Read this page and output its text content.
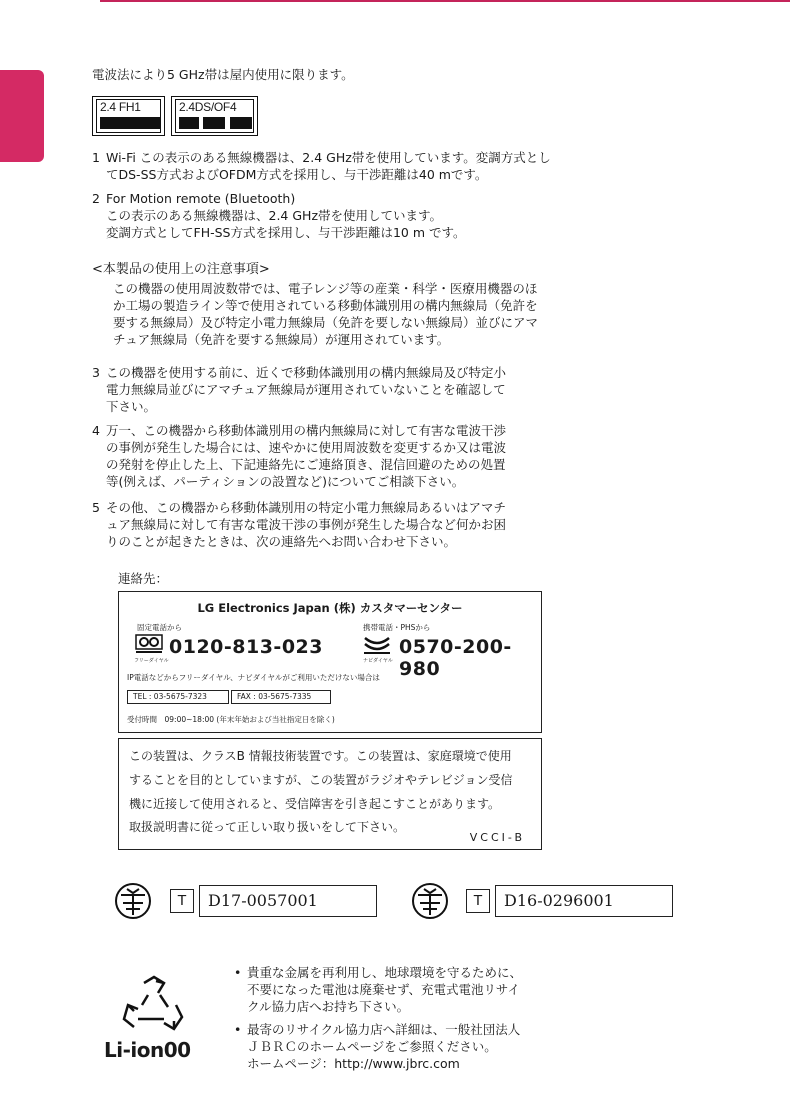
電波法により5 GHz帯は屋内使用に限ります。
2.4 FH1	2.4DS/OF4
1 Wi-Fi この表示のある無線機器は、2.4 GHz帯を使用しています。変調方式とし
てDS-SS方式およびOFDM方式を採用し、与干渉距離は40 mです。
2 For Motion remote (Bluetooth)
この表示のある無線機器は、2.4 GHz帯を使用しています。
変調方式としてFH-SS方式を採用し、与干渉距離は10 m です。
<本製品の使用上の注意事項>
この機器の使用周波数帯では、電子レンジ等の産業・科学・医療用機器のほ
か工場の製造ライン等で使用されている移動体識別用の構内無線局（免許を
要する無線局）及び特定小電力無線局（免許を要しない無線局）並びにアマ
チュア無線局（免許を要する無線局）が運用されています。
3 この機器を使用する前に、近くで移動体識別用の構内無線局及び特定小
電力無線局並びにアマチュア無線局が運用されていないことを確認して
下さい。
4 万一、この機器から移動体識別用の構内無線局に対して有害な電波干渉
の事例が発生した場合には、速やかに使用周波数を変更するか又は電波
の発射を停止した上、下記連絡先にご連絡頂き、混信回避のための処置
等(例えば、パーティションの設置など)についてご相談下さい。
5 その他、この機器から移動体識別用の特定小電力無線局あるいはアマチ
ュア無線局に対して有害な電波干渉の事例が発生した場合など何かお困
りのことが起きたときは、次の連絡先へお問い合わせ下さい。
連絡先：
LG Electronics Japan (株) カスタマーセンター
固定電話から	携帯電話・PHSから
フリーダイヤル
0120-813-023
ナビダイヤル
0570-200-980
IP電話などからフリーダイヤル、ナビダイヤルがご利用いただけない場合は
TEL : 03-5675-7323	FAX : 03-5675-7335
受付時間　09:00~18:00 (年末年始および当社指定日を除く)
この装置は、クラスB 情報技術装置です。この装置は、家庭環境で使用
することを目的としていますが、この装置がラジオやテレビジョン受信
機に近接して使用されると、受信障害を引き起こすことがあります。
取扱説明書に従って正しい取り扱いをして下さい。
VCCI-B
T	D17-0057001	T	D16-0296001
Li-ion00
• 貴重な金属を再利用し、地球環境を守るために、
不要になった電池は廃棄せず、充電式電池リサイ
クル協力店へお持ち下さい。
• 最寄のリサイクル協力店へ詳細は、一般社団法人
ＪＢＲＣのホームページをご参照ください。
ホームページ：http://www.jbrc.com
